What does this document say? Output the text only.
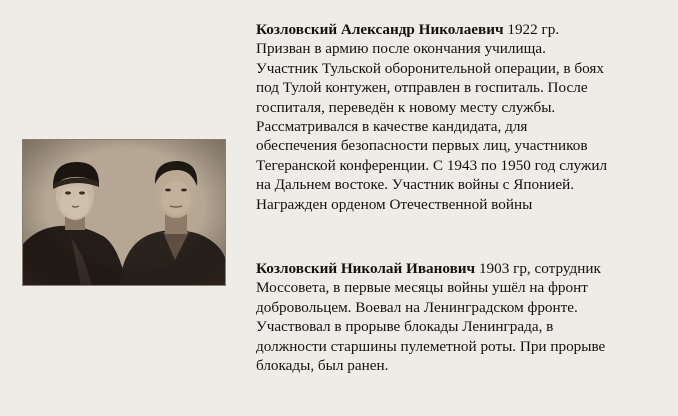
Козловский Александр Николаевич 1922 гр.
Призван в армию после окончания училища.
Участник Тульской оборонительной операции, в боях
под Тулой контужен, отправлен в госпиталь. После
госпиталя, переведён к новому месту службы.
Рассматривался в качестве кандидата, для
обеспечения безопасности первых лиц, участников
Тегеранской конференции. С 1943 по 1950 год служил
на Дальнем востоке. Участник войны с Японией.
Награжден орденом Отечественной войны
Козловский Николай Иванович 1903 гр, сотрудник
Моссовета, в первые месяцы войны ушёл на фронт
добровольцем. Воевал на Ленинградском фронте.
Участвовал в прорыве блокады Ленинграда, в
должности старшины пулеметной роты. При прорыве
блокады, был ранен.
